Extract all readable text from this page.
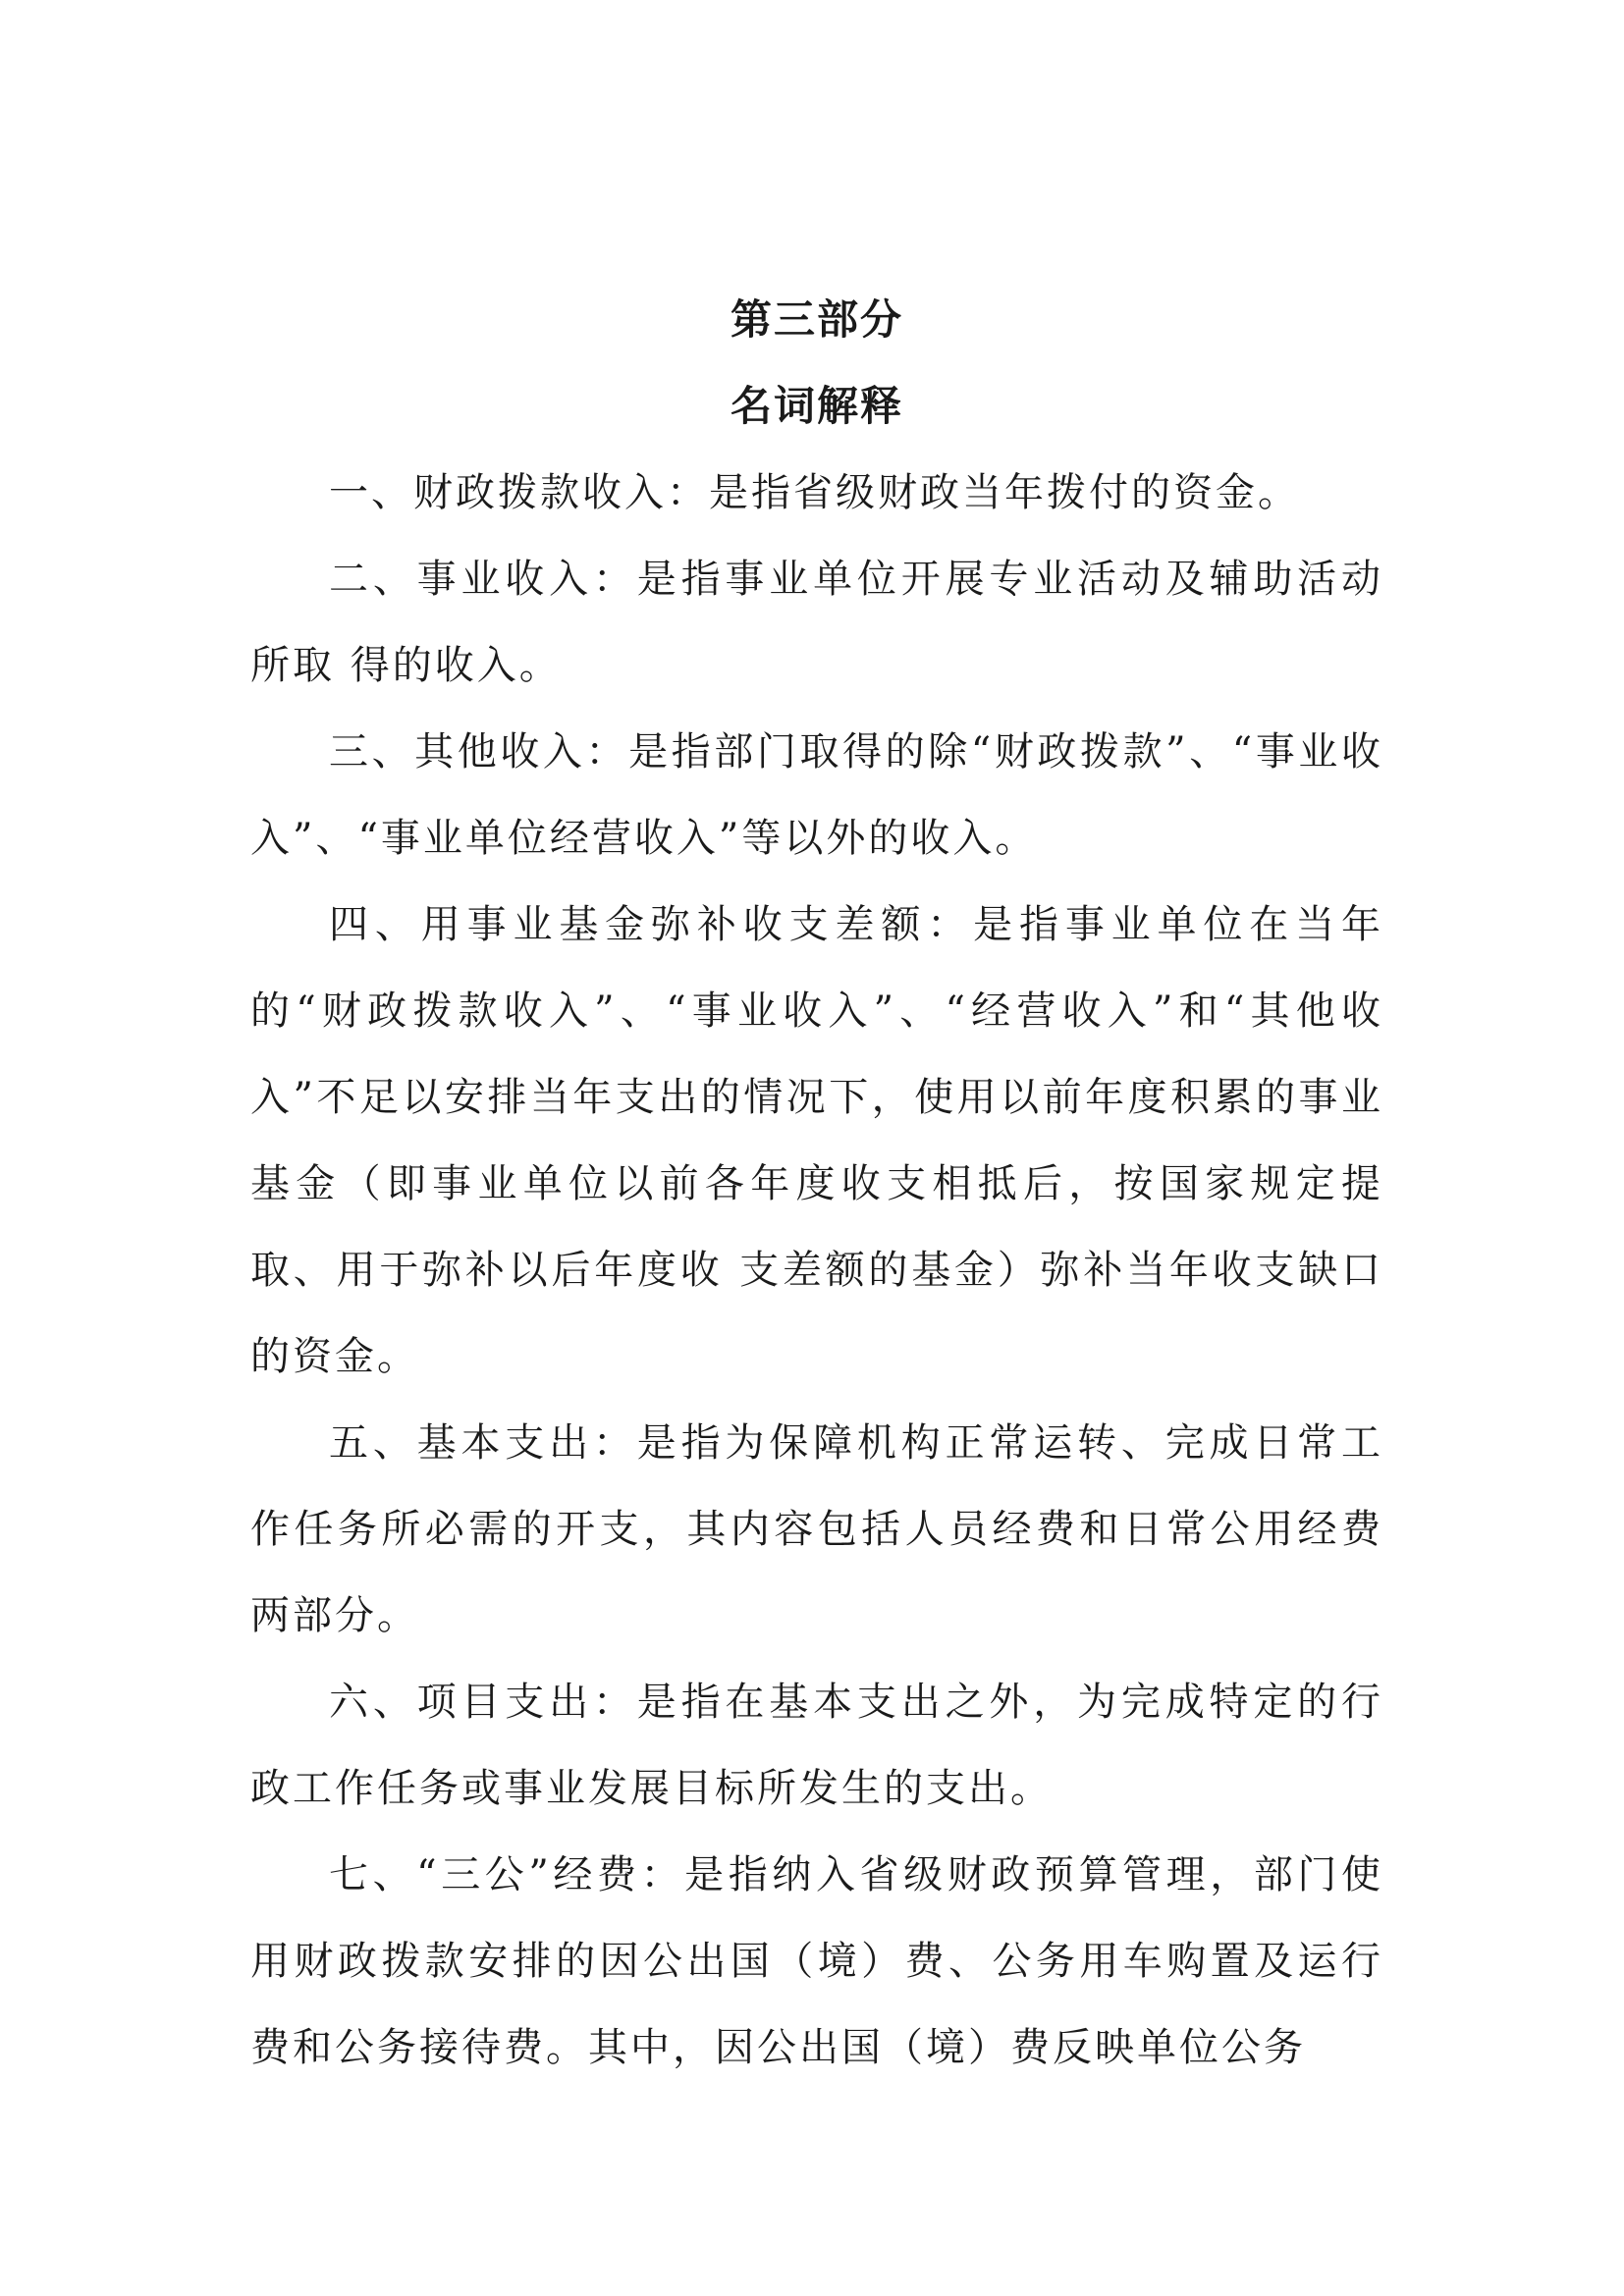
第三部分
名词解释

一、财政拨款收入：是指省级财政当年拨付的资金。

二、事业收入：是指事业单位开展专业活动及辅助活动所取 得的收入。

三、其他收入：是指部门取得的除“财政拨款”、“事业收入”、“事业单位经营收入”等以外的收入。

四、用事业基金弥补收支差额：是指事业单位在当年的“财政拨款收入”、“事业收入”、“经营收入”和“其他收入”不足以安排当年支出的情况下，使用以前年度积累的事业基金（即事业单位以前各年度收支相抵后，按国家规定提取、用于弥补以后年度收 支差额的基金）弥补当年收支缺口的资金。

五、基本支出：是指为保障机构正常运转、完成日常工作任务所必需的开支，其内容包括人员经费和日常公用经费两部分。

六、项目支出：是指在基本支出之外，为完成特定的行政工作任务或事业发展目标所发生的支出。

七、“三公”经费：是指纳入省级财政预算管理，部门使用财政拨款安排的因公出国（境）费、公务用车购置及运行费和公务接待费。其中，因公出国（境）费反映单位公务
